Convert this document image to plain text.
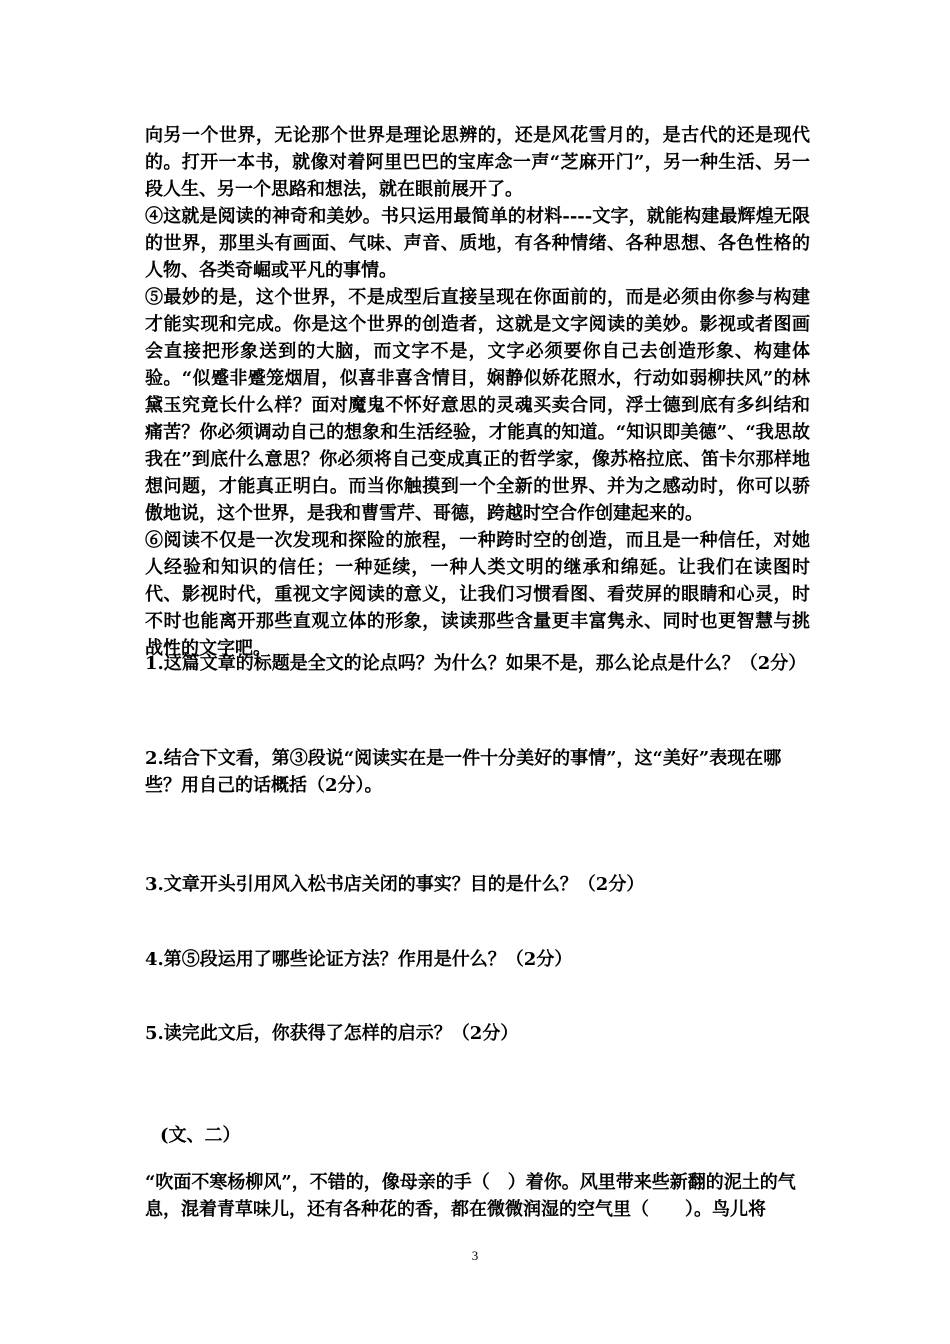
向另一个世界，无论那个世界是理论思辨的，还是风花雪月的，是古代的还是现代的。打开一本书，就像对着阿里巴巴的宝库念一声“芝麻开门”，另一种生活、另一段人生、另一个思路和想法，就在眼前展开了。

④这就是阅读的神奇和美妙。书只运用最简单的材料----文字，就能构建最辉煌无限的世界，那里头有画面、气味、声音、质地，有各种情绪、各种思想、各色性格的人物、各类奇崛或平凡的事情。

⑤最妙的是，这个世界，不是成型后直接呈现在你面前的，而是必须由你参与构建才能实现和完成。你是这个世界的创造者，这就是文字阅读的美妙。影视或者图画会直接把形象送到的大脑，而文字不是，文字必须要你自己去创造形象、构建体验。“似蹙非蹙笼烟眉，似喜非喜含情目，娴静似娇花照水，行动如弱柳扶风”的林黛玉究竟长什么样？面对魔鬼不怀好意思的灵魂买卖合同，浮士德到底有多纠结和痛苦？你必须调动自己的想象和生活经验，才能真的知道。“知识即美德”、“我思故我在”到底什么意思？你必须将自己变成真正的哲学家，像苏格拉底、笛卡尔那样地想问题，才能真正明白。而当你触摸到一个全新的世界、并为之感动时，你可以骄傲地说，这个世界，是我和曹雪芹、哥德，跨越时空合作创建起来的。

⑥阅读不仅是一次发现和探险的旅程，一种跨时空的创造，而且是一种信任，对她人经验和知识的信任；一种延续，一种人类文明的继承和绵延。让我们在读图时代、影视时代，重视文字阅读的意义，让我们习惯看图、看荧屏的眼睛和心灵，时不时也能离开那些直观立体的形象，读读那些含量更丰富隽永、同时也更智慧与挑战性的文字吧。

1.这篇文章的标题是全文的论点吗？为什么？如果不是，那么论点是什么？（2分）

2.结合下文看，第③段说“阅读实在是一件十分美好的事情”，这“美好”表现在哪些？用自己的话概括（2分）。

3.文章开头引用风入松书店关闭的事实？目的是什么？（2分）

4.第⑤段运用了哪些论证方法？作用是什么？（2分）

5.读完此文后，你获得了怎样的启示？（2分）

(文、二）

“吹面不寒杨柳风”，不错的，像母亲的手（　）着你。风里带来些新翻的泥土的气息，混着青草味儿，还有各种花的香，都在微微润湿的空气里（　　）。鸟儿将

3
